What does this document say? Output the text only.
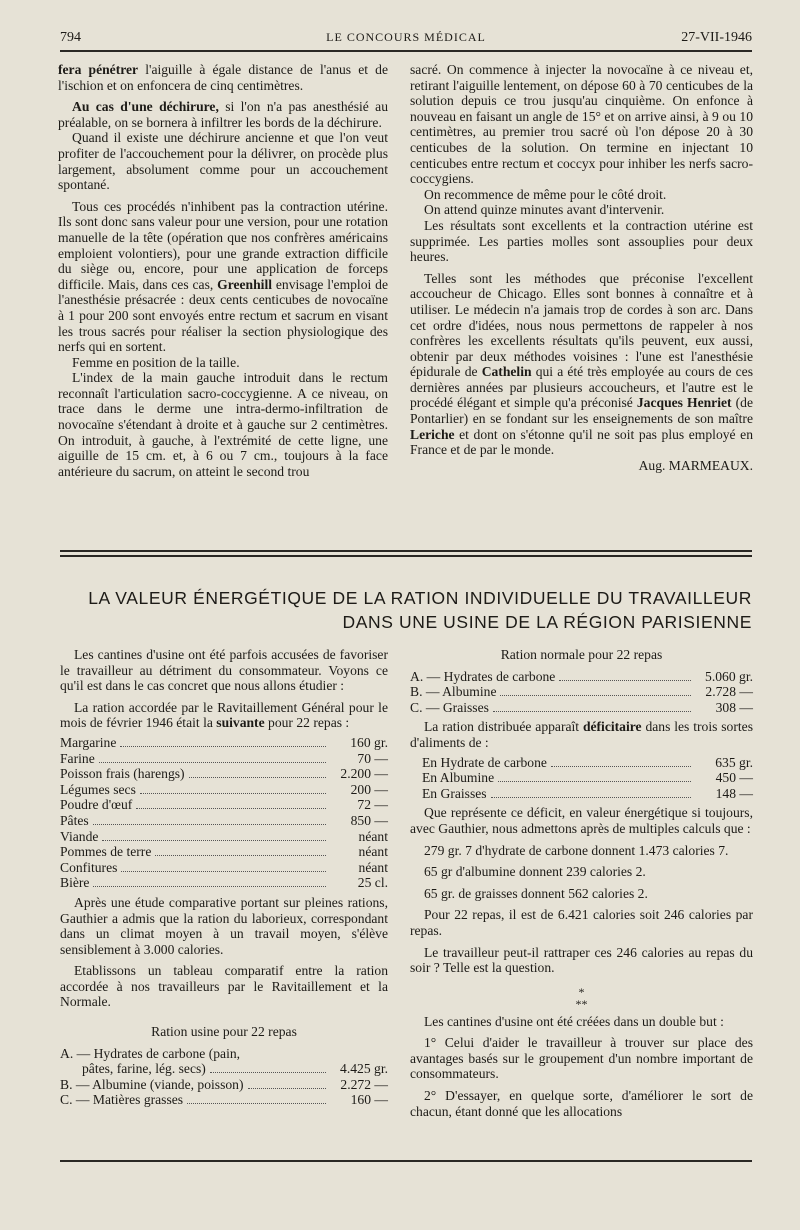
794	LE CONCOURS MÉDICAL	27-VII-1946

fera pénétrer l'aiguille à égale distance de l'anus et de l'ischion et on enfoncera de cinq centimètres.

Au cas d'une déchirure, si l'on n'a pas anesthésié au préalable, on se bornera à infiltrer les bords de la déchirure.

Quand il existe une déchirure ancienne et que l'on veut profiter de l'accouchement pour la délivrer, on procède plus largement, absolument comme pour un accouchement spontané.

Tous ces procédés n'inhibent pas la contraction utérine. Ils sont donc sans valeur pour une version, pour une rotation manuelle de la tête (opération que nos confrères américains emploient volontiers), pour une grande extraction difficile du siège ou, encore, pour une application de forceps difficile. Mais, dans ces cas, Greenhill envisage l'emploi de l'anesthésie présacrée : deux cents centicubes de novocaïne à 1 pour 200 sont envoyés entre rectum et sacrum en visant les trous sacrés pour réaliser la section physiologique des nerfs qui en sortent.

Femme en position de la taille.

L'index de la main gauche introduit dans le rectum reconnaît l'articulation sacro-coccygienne. A ce niveau, on trace dans le derme une intra-dermo-infiltration de novocaïne s'étendant à droite et à gauche sur 2 centimètres. On introduit, à gauche, à l'extrémité de cette ligne, une aiguille de 15 cm. et, à 6 ou 7 cm., toujours à la face antérieure du sacrum, on atteint le second trou

sacré. On commence à injecter la novocaïne à ce niveau et, retirant l'aiguille lentement, on dépose 60 à 70 centicubes de la solution depuis ce trou jusqu'au cinquième. On enfonce à nouveau en faisant un angle de 15° et on arrive ainsi, à 9 ou 10 centimètres, au premier trou sacré où l'on dépose 20 à 30 centicubes de la solution. On termine en injectant 10 centicubes entre rectum et coccyx pour inhiber les nerfs sacro-coccygiens.

On recommence de même pour le côté droit.

On attend quinze minutes avant d'intervenir.

Les résultats sont excellents et la contraction utérine est supprimée. Les parties molles sont assouplies pour deux heures.

Telles sont les méthodes que préconise l'excellent accoucheur de Chicago. Elles sont bonnes à connaître et à utiliser. Le médecin n'a jamais trop de cordes à son arc. Dans cet ordre d'idées, nous nous permettons de rappeler à nos confrères les excellents résultats qu'ils peuvent, eux aussi, obtenir par deux méthodes voisines : l'une est l'anesthésie épidurale de Cathelin qui a été très employée au cours de ces dernières années par plusieurs accoucheurs, et l'autre est le procédé élégant et simple qu'a préconisé Jacques Henriet (de Pontarlier) en se fondant sur les enseignements de son maître Leriche et dont on s'étonne qu'il ne soit pas plus employé en France et de par le monde.

Aug. MARMEAUX.

LA VALEUR ÉNERGÉTIQUE DE LA RATION INDIVIDUELLE DU TRAVAILLEUR
DANS UNE USINE DE LA RÉGION PARISIENNE

Les cantines d'usine ont été parfois accusées de favoriser le travailleur au détriment du consommateur. Voyons ce qu'il est dans le cas concret que nous allons étudier :

La ration accordée par le Ravitaillement Général pour le mois de février 1946 était la suivante pour 22 repas :

Margarine	160 gr.
Farine	70 —
Poisson frais (harengs)	2.200 —
Légumes secs	200 —
Poudre d'œuf	72 —
Pâtes	850 —
Viande	néant
Pommes de terre	néant
Confitures	néant
Bière	25 cl.

Après une étude comparative portant sur pleines rations, Gauthier a admis que la ration du laborieux, correspondant dans un climat moyen à un travail moyen, s'élève sensiblement à 3.000 calories.

Etablissons un tableau comparatif entre la ration accordée à nos travailleurs par le Ravitaillement et la Normale.

Ration usine pour 22 repas

A. — Hydrates de carbone (pain,
pâtes, farine, lég. secs)	4.425 gr.
B. — Albumine (viande, poisson)	2.272 —
C. — Matières grasses	160 —

Ration normale pour 22 repas

A. — Hydrates de carbone	5.060 gr.
B. — Albumine	2.728 —
C. — Graisses	308 —

La ration distribuée apparaît déficitaire dans les trois sortes d'aliments de :

En Hydrate de carbone	635 gr.
En Albumine	450 —
En Graisses	148 —

Que représente ce déficit, en valeur énergétique si toujours, avec Gauthier, nous admettons après de multiples calculs que :

279 gr. 7 d'hydrate de carbone donnent 1.473 calories 7.

65 gr d'albumine donnent 239 calories 2.

65 gr. de graisses donnent 562 calories 2.

Pour 22 repas, il est de 6.421 calories soit 246 calories par repas.

Le travailleur peut-il rattraper ces 246 calories au repas du soir ? Telle est la question.

*
**

Les cantines d'usine ont été créées dans un double but :

1° Celui d'aider le travailleur à trouver sur place des avantages basés sur le groupement d'un nombre important de consommateurs.

2° D'essayer, en quelque sorte, d'améliorer le sort de chacun, étant donné que les allocations
